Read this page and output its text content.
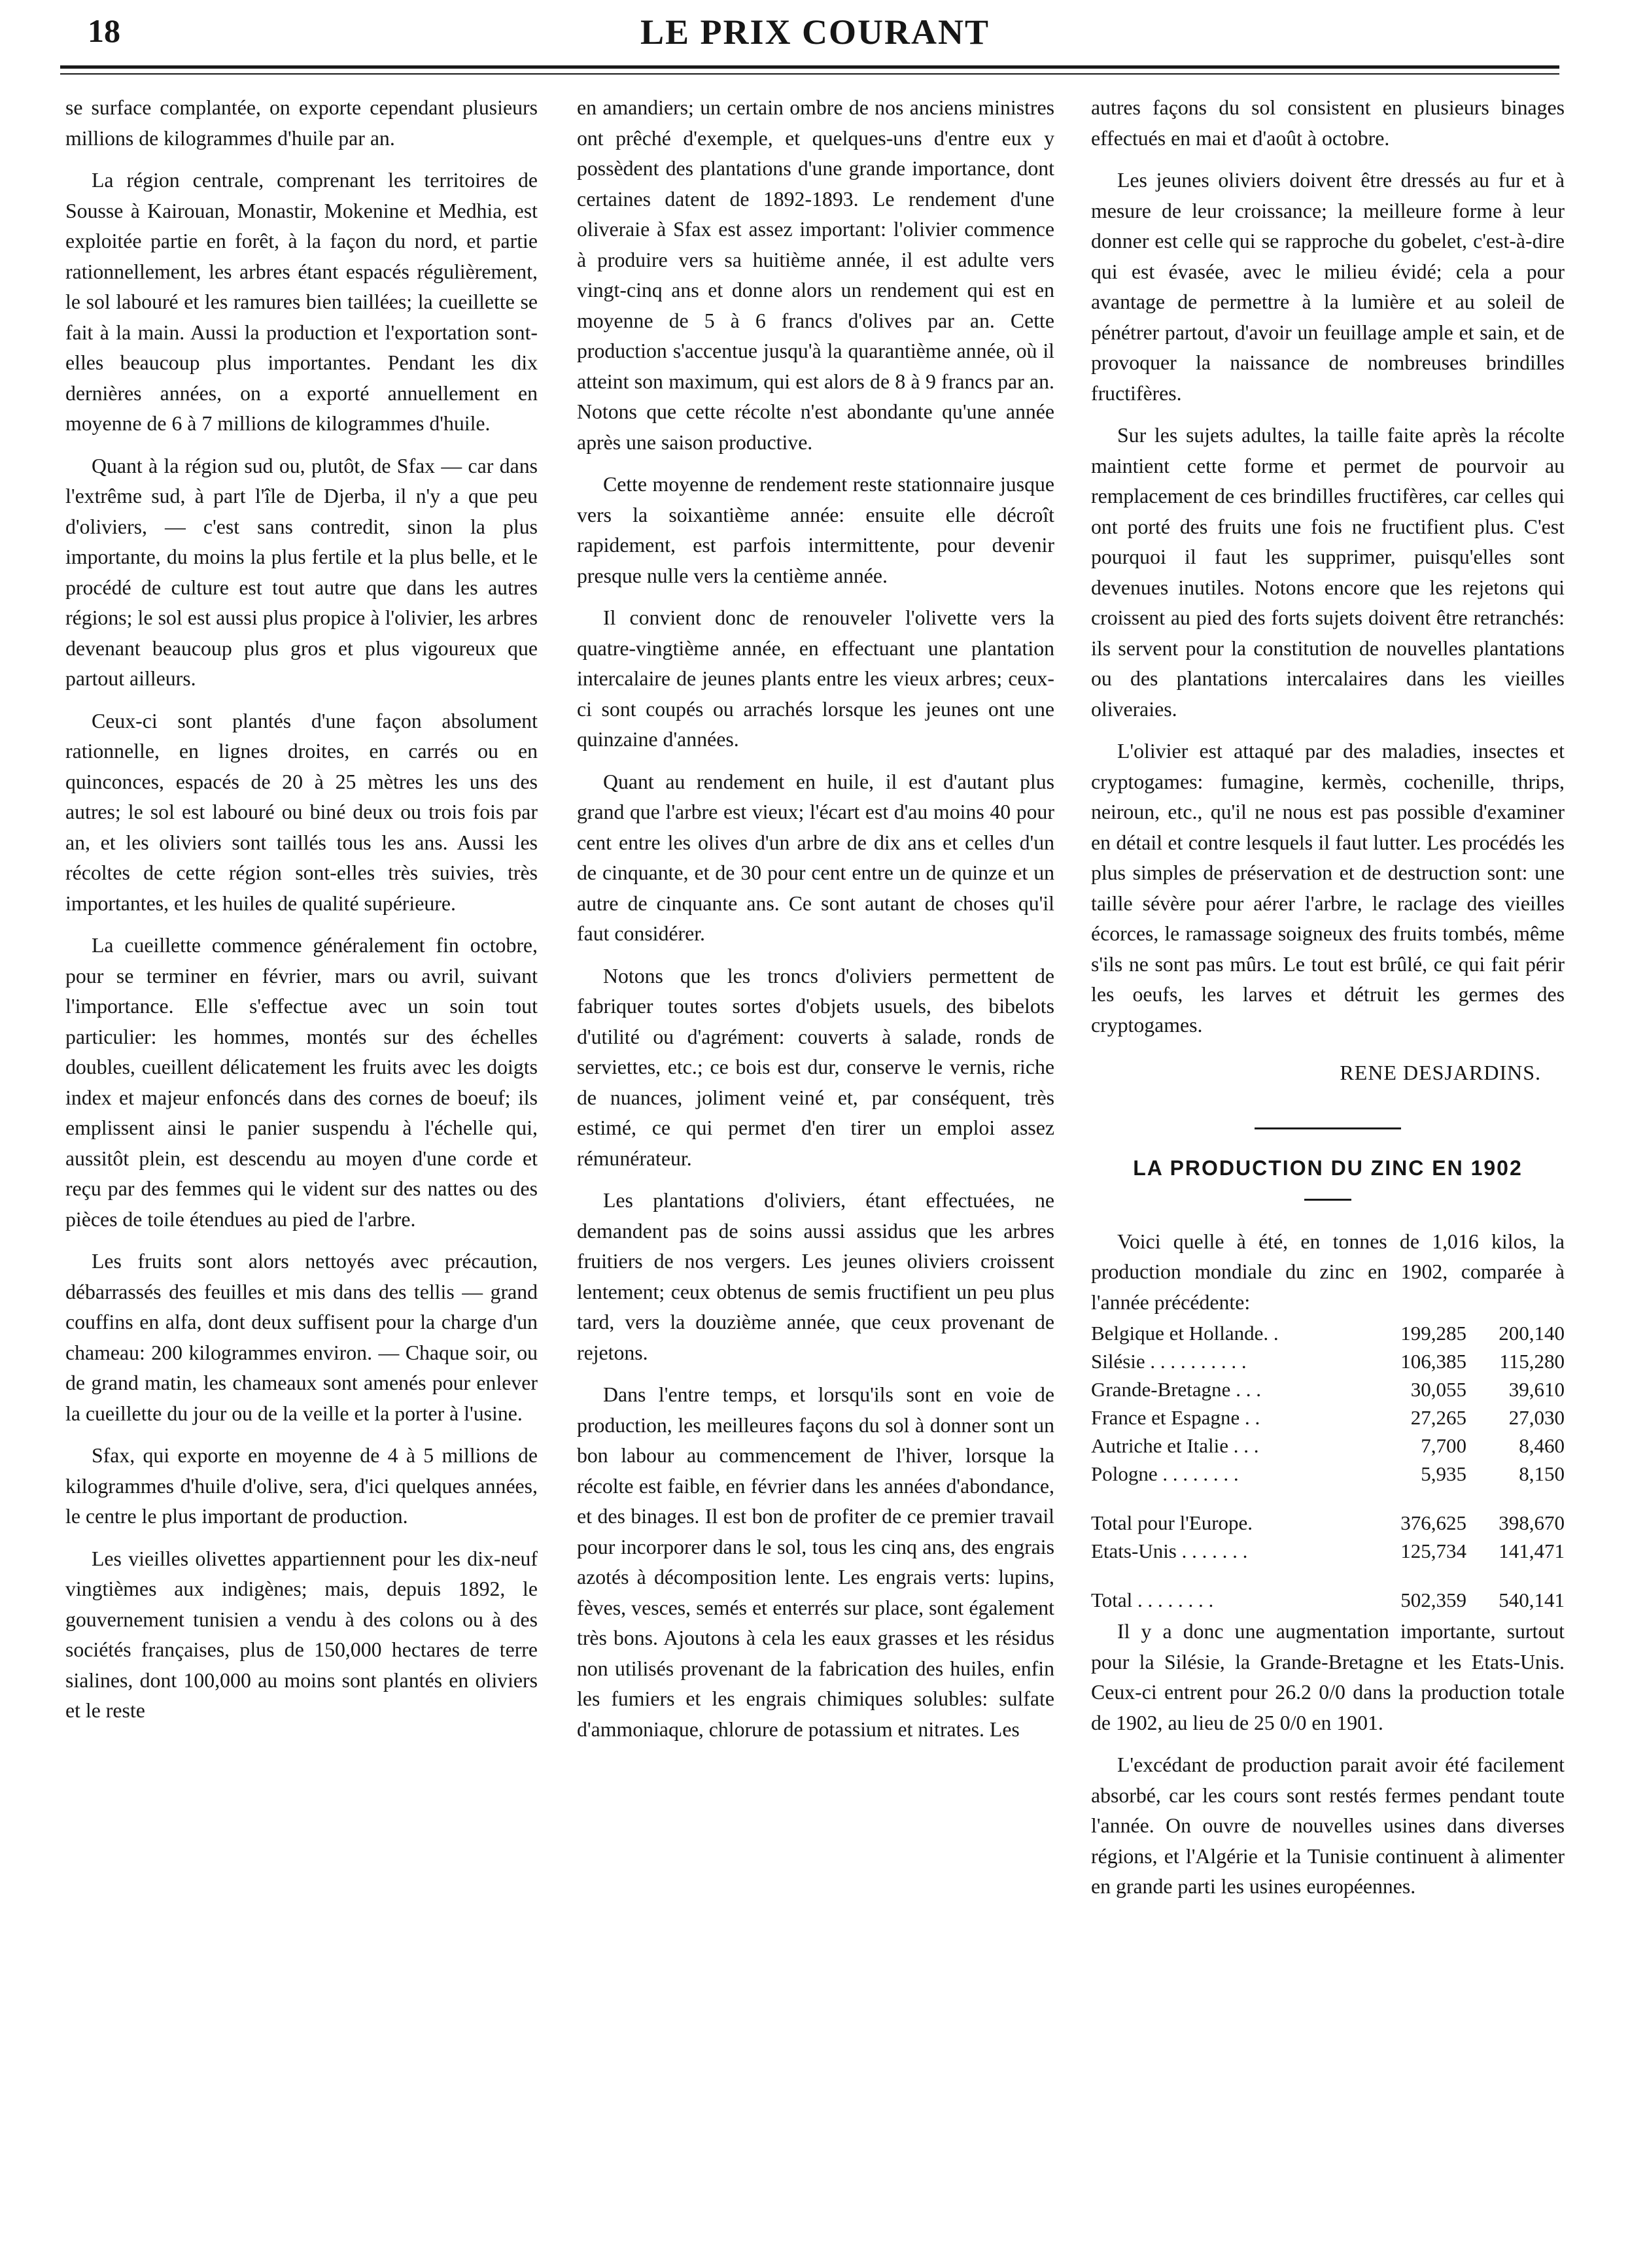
18	LE PRIX COURANT

se surface complantée, on exporte cependant plusieurs millions de kilogrammes d'huile par an.

La région centrale, comprenant les territoires de Sousse à Kairouan, Monastir, Mokenine et Medhia, est exploitée partie en forêt, à la façon du nord, et partie rationnellement, les arbres étant espacés régulièrement, le sol labouré et les ramures bien taillées; la cueillette se fait à la main. Aussi la production et l'exportation sont-elles beaucoup plus importantes. Pendant les dix dernières années, on a exporté annuellement en moyenne de 6 à 7 millions de kilogrammes d'huile.

Quant à la région sud ou, plutôt, de Sfax — car dans l'extrême sud, à part l'île de Djerba, il n'y a que peu d'oliviers, — c'est sans contredit, sinon la plus importante, du moins la plus fertile et la plus belle, et le procédé de culture est tout autre que dans les autres régions; le sol est aussi plus propice à l'olivier, les arbres devenant beaucoup plus gros et plus vigoureux que partout ailleurs.

Ceux-ci sont plantés d'une façon absolument rationnelle, en lignes droites, en carrés ou en quinconces, espacés de 20 à 25 mètres les uns des autres; le sol est labouré ou biné deux ou trois fois par an, et les oliviers sont taillés tous les ans. Aussi les récoltes de cette région sont-elles très suivies, très importantes, et les huiles de qualité supérieure.

La cueillette commence généralement fin octobre, pour se terminer en février, mars ou avril, suivant l'importance. Elle s'effectue avec un soin tout particulier: les hommes, montés sur des échelles doubles, cueillent délicatement les fruits avec les doigts index et majeur enfoncés dans des cornes de boeuf; ils emplissent ainsi le panier suspendu à l'échelle qui, aussitôt plein, est descendu au moyen d'une corde et reçu par des femmes qui le vident sur des nattes ou des pièces de toile étendues au pied de l'arbre.

Les fruits sont alors nettoyés avec précaution, débarrassés des feuilles et mis dans des tellis — grand couffins en alfa, dont deux suffisent pour la charge d'un chameau: 200 kilogrammes environ. — Chaque soir, ou de grand matin, les chameaux sont amenés pour enlever la cueillette du jour ou de la veille et la porter à l'usine.

Sfax, qui exporte en moyenne de 4 à 5 millions de kilogrammes d'huile d'olive, sera, d'ici quelques années, le centre le plus important de production.

Les vieilles olivettes appartiennent pour les dix-neuf vingtièmes aux indigènes; mais, depuis 1892, le gouvernement tunisien a vendu à des colons ou à des sociétés françaises, plus de 150,000 hectares de terre sialines, dont 100,000 au moins sont plantés en oliviers et le reste

en amandiers; un certain ombre de nos anciens ministres ont prêché d'exemple, et quelques-uns d'entre eux y possèdent des plantations d'une grande importance, dont certaines datent de 1892-1893. Le rendement d'une oliveraie à Sfax est assez important: l'olivier commence à produire vers sa huitième année, il est adulte vers vingt-cinq ans et donne alors un rendement qui est en moyenne de 5 à 6 francs d'olives par an. Cette production s'accentue jusqu'à la quarantième année, où il atteint son maximum, qui est alors de 8 à 9 francs par an. Notons que cette récolte n'est abondante qu'une année après une saison productive.

Cette moyenne de rendement reste stationnaire jusque vers la soixantième année: ensuite elle décroît rapidement, est parfois intermittente, pour devenir presque nulle vers la centième année.

Il convient donc de renouveler l'olivette vers la quatre-vingtième année, en effectuant une plantation intercalaire de jeunes plants entre les vieux arbres; ceux-ci sont coupés ou arrachés lorsque les jeunes ont une quinzaine d'années.

Quant au rendement en huile, il est d'autant plus grand que l'arbre est vieux; l'écart est d'au moins 40 pour cent entre les olives d'un arbre de dix ans et celles d'un de cinquante, et de 30 pour cent entre un de quinze et un autre de cinquante ans. Ce sont autant de choses qu'il faut considérer.

Notons que les troncs d'oliviers permettent de fabriquer toutes sortes d'objets usuels, des bibelots d'utilité ou d'agrément: couverts à salade, ronds de serviettes, etc.; ce bois est dur, conserve le vernis, riche de nuances, joliment veiné et, par conséquent, très estimé, ce qui permet d'en tirer un emploi assez rémunérateur.

Les plantations d'oliviers, étant effectuées, ne demandent pas de soins aussi assidus que les arbres fruitiers de nos vergers. Les jeunes oliviers croissent lentement; ceux obtenus de semis fructifient un peu plus tard, vers la douzième année, que ceux provenant de rejetons.

Dans l'entre temps, et lorsqu'ils sont en voie de production, les meilleures façons du sol à donner sont un bon labour au commencement de l'hiver, lorsque la récolte est faible, en février dans les années d'abondance, et des binages. Il est bon de profiter de ce premier travail pour incorporer dans le sol, tous les cinq ans, des engrais azotés à décomposition lente. Les engrais verts: lupins, fèves, vesces, semés et enterrés sur place, sont également très bons. Ajoutons à cela les eaux grasses et les résidus non utilisés provenant de la fabrication des huiles, enfin les fumiers et les engrais chimiques solubles: sulfate d'ammoniaque, chlorure de potassium et nitrates. Les

autres façons du sol consistent en plusieurs binages effectués en mai et d'août à octobre.

Les jeunes oliviers doivent être dressés au fur et à mesure de leur croissance; la meilleure forme à leur donner est celle qui se rapproche du gobelet, c'est-à-dire qui est évasée, avec le milieu évidé; cela a pour avantage de permettre à la lumière et au soleil de pénétrer partout, d'avoir un feuillage ample et sain, et de provoquer la naissance de nombreuses brindilles fructifères.

Sur les sujets adultes, la taille faite après la récolte maintient cette forme et permet de pourvoir au remplacement de ces brindilles fructifères, car celles qui ont porté des fruits une fois ne fructifient plus. C'est pourquoi il faut les supprimer, puisqu'elles sont devenues inutiles. Notons encore que les rejetons qui croissent au pied des forts sujets doivent être retranchés: ils servent pour la constitution de nouvelles plantations ou des plantations intercalaires dans les vieilles oliveraies.

L'olivier est attaqué par des maladies, insectes et cryptogames: fumagine, kermès, cochenille, thrips, neiroun, etc., qu'il ne nous est pas possible d'examiner en détail et contre lesquels il faut lutter. Les procédés les plus simples de préservation et de destruction sont: une taille sévère pour aérer l'arbre, le raclage des vieilles écorces, le ramassage soigneux des fruits tombés, même s'ils ne sont pas mûrs. Le tout est brûlé, ce qui fait périr les oeufs, les larves et détruit les germes des cryptogames.

RENE DESJARDINS.
LA PRODUCTION DU ZINC EN 1902

Voici quelle à été, en tonnes de 1,016 kilos, la production mondiale du zinc en 1902, comparée à l'année précédente:

Belgique et Hollande. .	199,285	200,140
Silésie . . . . . . . . . .	106,385	115,280
Grande-Bretagne . . .	30,055	39,610
France et Espagne . .	27,265	27,030
Autriche et Italie . . .	7,700	8,460
Pologne . . . . . . . .	5,935	8,150
Total pour l'Europe.	376,625	398,670
Etats-Unis . . . . . . .	125,734	141,471
Total . . . . . . . .	502,359	540,141

Il y a donc une augmentation importante, surtout pour la Silésie, la Grande-Bretagne et les Etats-Unis. Ceux-ci entrent pour 26.2 0/0 dans la production totale de 1902, au lieu de 25 0/0 en 1901.

L'excédant de production parait avoir été facilement absorbé, car les cours sont restés fermes pendant toute l'année. On ouvre de nouvelles usines dans diverses régions, et l'Algérie et la Tunisie continuent à alimenter en grande parti les usines européennes.
